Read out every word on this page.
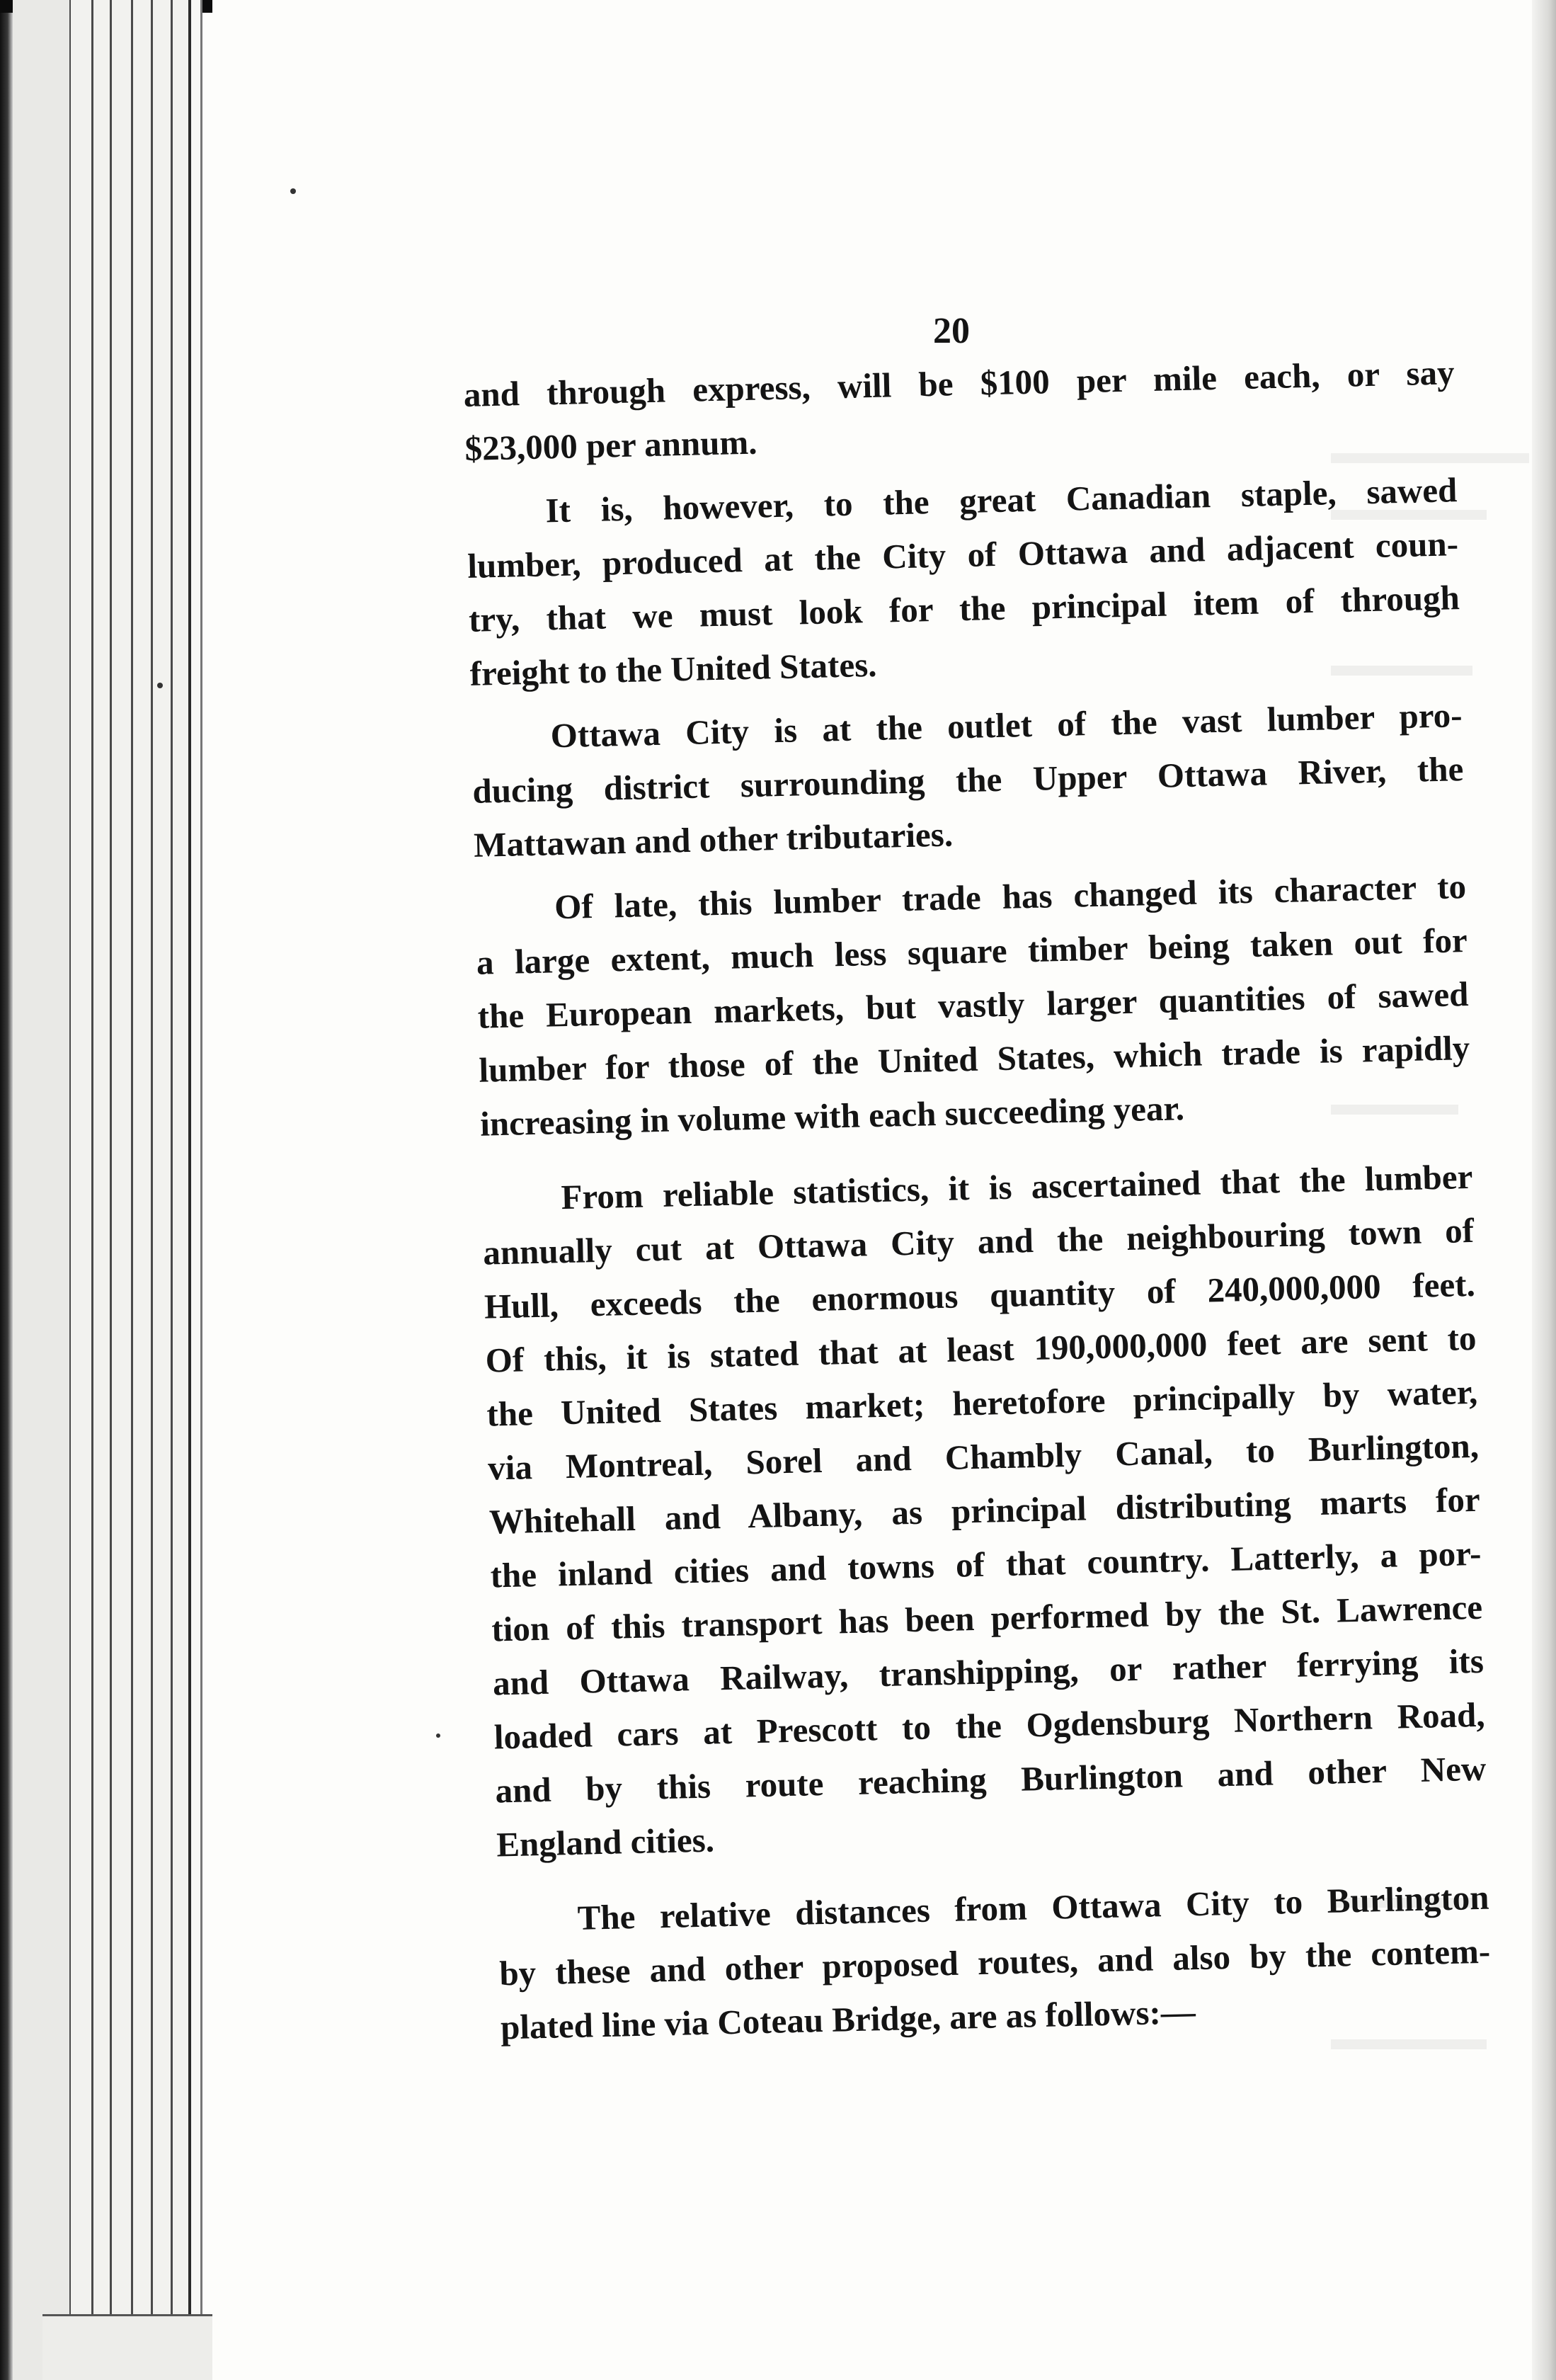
20
and through express, will be $100 per mile each, or say
$23,000 per annum.
It is, however, to the great Canadian staple, sawed
lumber, produced at the City of Ottawa and adjacent coun-
try, that we must look for the principal item of through
freight to the United States.
Ottawa City is at the outlet of the vast lumber pro-
ducing district surrounding the Upper Ottawa River, the
Mattawan and other tributaries.
Of late, this lumber trade has changed its character to
a large extent, much less square timber being taken out for
the European markets, but vastly larger quantities of sawed
lumber for those of the United States, which trade is rapidly
increasing in volume with each succeeding year.
From reliable statistics, it is ascertained that the lumber
annually cut at Ottawa City and the neighbouring town of
Hull, exceeds the enormous quantity of 240,000,000 feet.
Of this, it is stated that at least 190,000,000 feet are sent to
the United States market; heretofore principally by water,
via Montreal, Sorel and Chambly Canal, to Burlington,
Whitehall and Albany, as principal distributing marts for
the inland cities and towns of that country. Latterly, a por-
tion of this transport has been performed by the St. Lawrence
and Ottawa Railway, transhipping, or rather ferrying its
loaded cars at Prescott to the Ogdensburg Northern Road,
and by this route reaching Burlington and other New
England cities.
The relative distances from Ottawa City to Burlington
by these and other proposed routes, and also by the contem-
plated line via Coteau Bridge, are as follows:—
